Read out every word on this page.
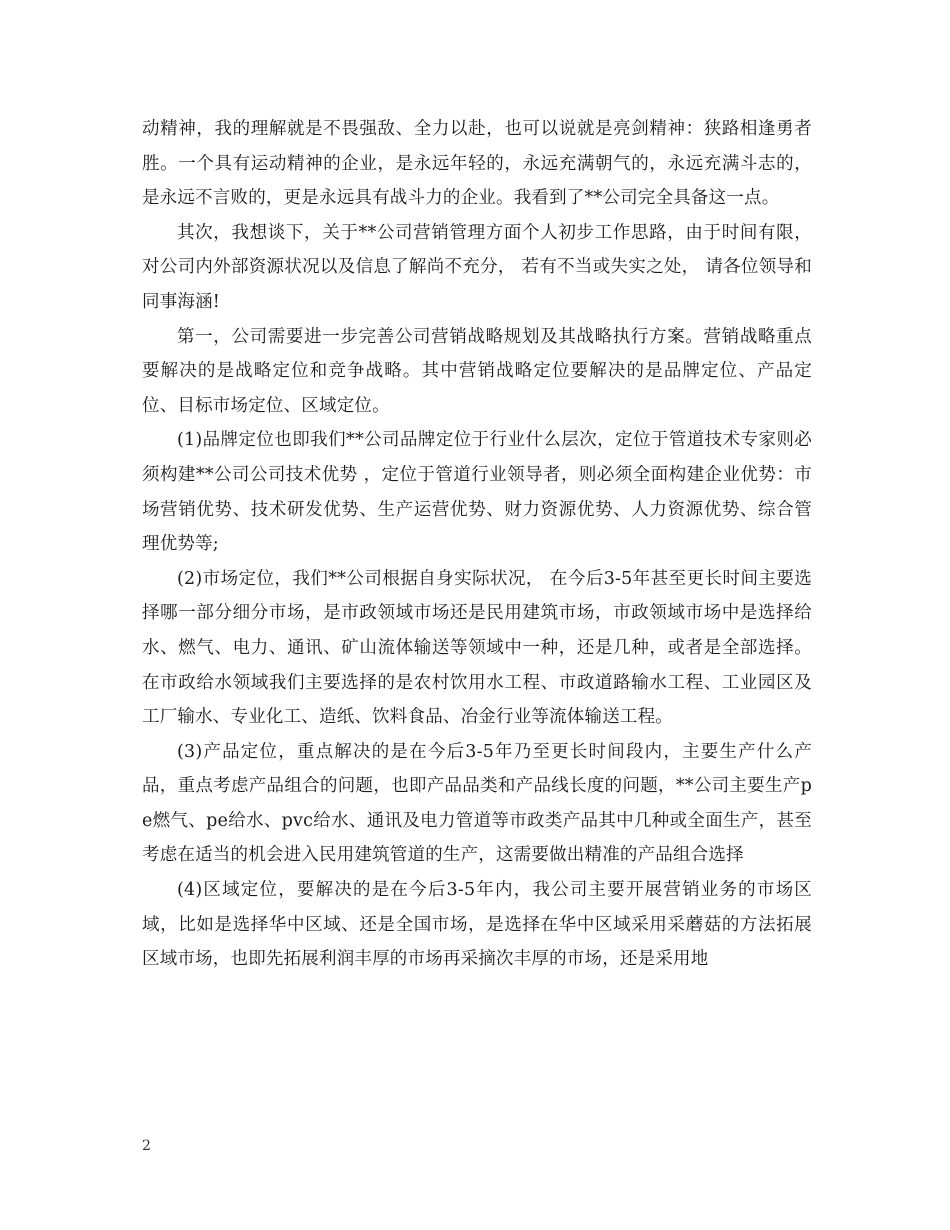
动精神，我的理解就是不畏强敌、全力以赴，也可以说就是亮剑精神：狭路相逢勇者胜。一个具有运动精神的企业，是永远年轻的，永远充满朝气的，永远充满斗志的，是永远不言败的，更是永远具有战斗力的企业。我看到了**公司完全具备这一点。

其次，我想谈下，关于**公司营销管理方面个人初步工作思路，由于时间有限，对公司内外部资源状况以及信息了解尚不充分， 若有不当或失实之处， 请各位领导和同事海涵!

第一，公司需要进一步完善公司营销战略规划及其战略执行方案。营销战略重点要解决的是战略定位和竞争战略。其中营销战略定位要解决的是品牌定位、产品定位、目标市场定位、区域定位。

(1)品牌定位也即我们**公司品牌定位于行业什么层次，定位于管道技术专家则必须构建**公司公司技术优势 ，定位于管道行业领导者，则必须全面构建企业优势：市场营销优势、技术研发优势、生产运营优势、财力资源优势、人力资源优势、综合管理优势等;

(2)市场定位，我们**公司根据自身实际状况， 在今后3-5年甚至更长时间主要选择哪一部分细分市场，是市政领域市场还是民用建筑市场，市政领域市场中是选择给水、燃气、电力、通讯、矿山流体输送等领域中一种，还是几种，或者是全部选择。在市政给水领域我们主要选择的是农村饮用水工程、市政道路输水工程、工业园区及工厂输水、专业化工、造纸、饮料食品、冶金行业等流体输送工程。

(3)产品定位，重点解决的是在今后3-5年乃至更长时间段内，主要生产什么产品，重点考虑产品组合的问题，也即产品品类和产品线长度的问题，**公司主要生产pe燃气、pe给水、pvc给水、通讯及电力管道等市政类产品其中几种或全面生产，甚至考虑在适当的机会进入民用建筑管道的生产，这需要做出精准的产品组合选择

(4)区域定位，要解决的是在今后3-5年内，我公司主要开展营销业务的市场区域，比如是选择华中区域、还是全国市场，是选择在华中区域采用采蘑菇的方法拓展区域市场，也即先拓展利润丰厚的市场再采摘次丰厚的市场，还是采用地

2
